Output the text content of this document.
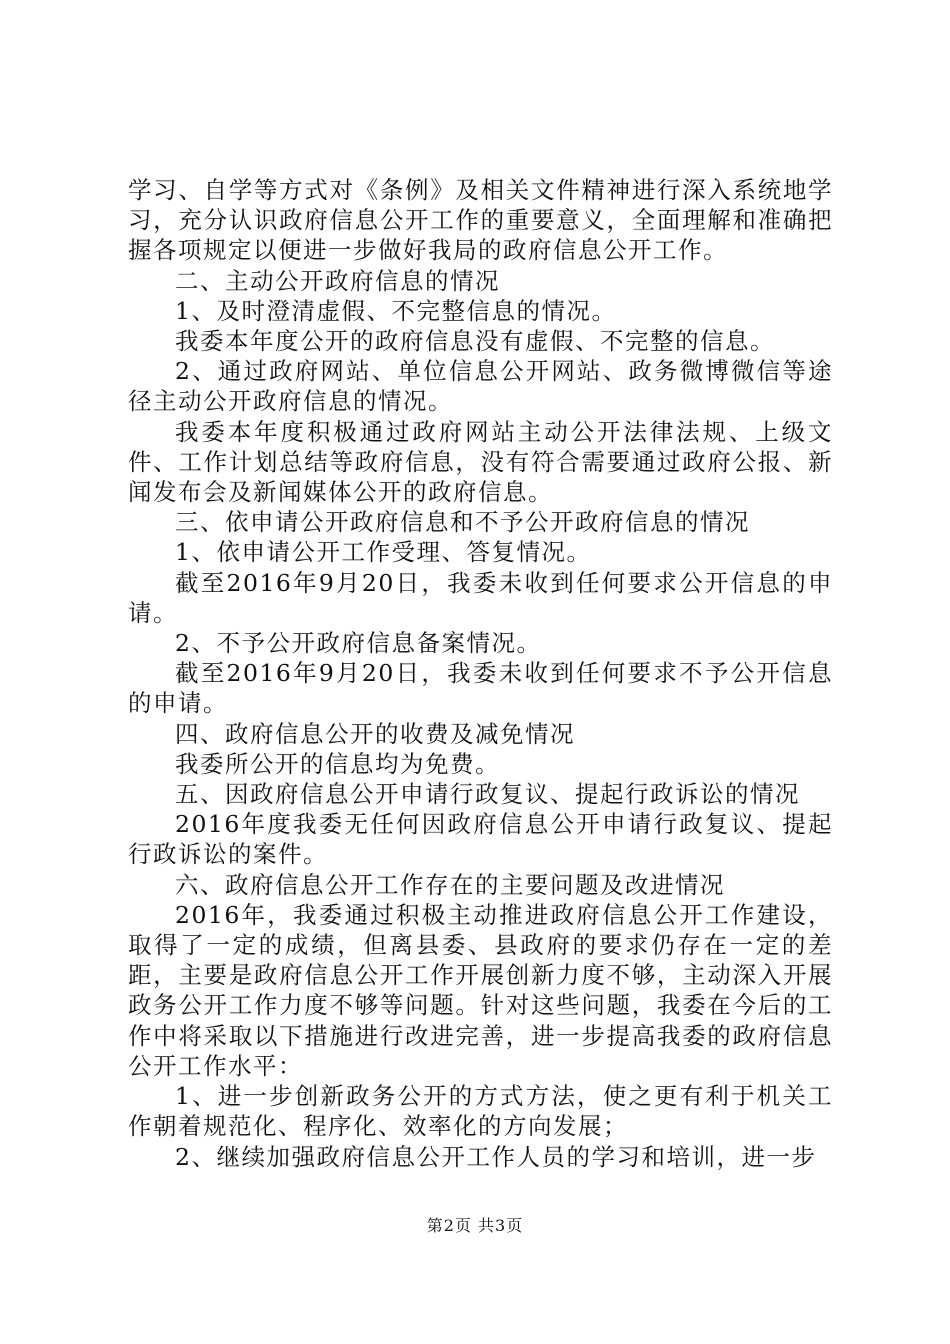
学习、自学等方式对《条例》及相关文件精神进行深入系统地学习，充分认识政府信息公开工作的重要意义，全面理解和准确把握各项规定以便进一步做好我局的政府信息公开工作。

二、主动公开政府信息的情况

1、及时澄清虚假、不完整信息的情况。

我委本年度公开的政府信息没有虚假、不完整的信息。

2、通过政府网站、单位信息公开网站、政务微博微信等途径主动公开政府信息的情况。

我委本年度积极通过政府网站主动公开法律法规、上级文件、工作计划总结等政府信息，没有符合需要通过政府公报、新闻发布会及新闻媒体公开的政府信息。

三、依申请公开政府信息和不予公开政府信息的情况

1、依申请公开工作受理、答复情况。

截至2016年9月20日，我委未收到任何要求公开信息的申请。

2、不予公开政府信息备案情况。

截至2016年9月20日，我委未收到任何要求不予公开信息的申请。

四、政府信息公开的收费及减免情况

我委所公开的信息均为免费。

五、因政府信息公开申请行政复议、提起行政诉讼的情况

2016年度我委无任何因政府信息公开申请行政复议、提起行政诉讼的案件。

六、政府信息公开工作存在的主要问题及改进情况

2016年，我委通过积极主动推进政府信息公开工作建设，取得了一定的成绩，但离县委、县政府的要求仍存在一定的差距，主要是政府信息公开工作开展创新力度不够，主动深入开展政务公开工作力度不够等问题。针对这些问题，我委在今后的工作中将采取以下措施进行改进完善，进一步提高我委的政府信息公开工作水平：

1、进一步创新政务公开的方式方法，使之更有利于机关工作朝着规范化、程序化、效率化的方向发展；

2、继续加强政府信息公开工作人员的学习和培训，进一步

第2页 共3页
